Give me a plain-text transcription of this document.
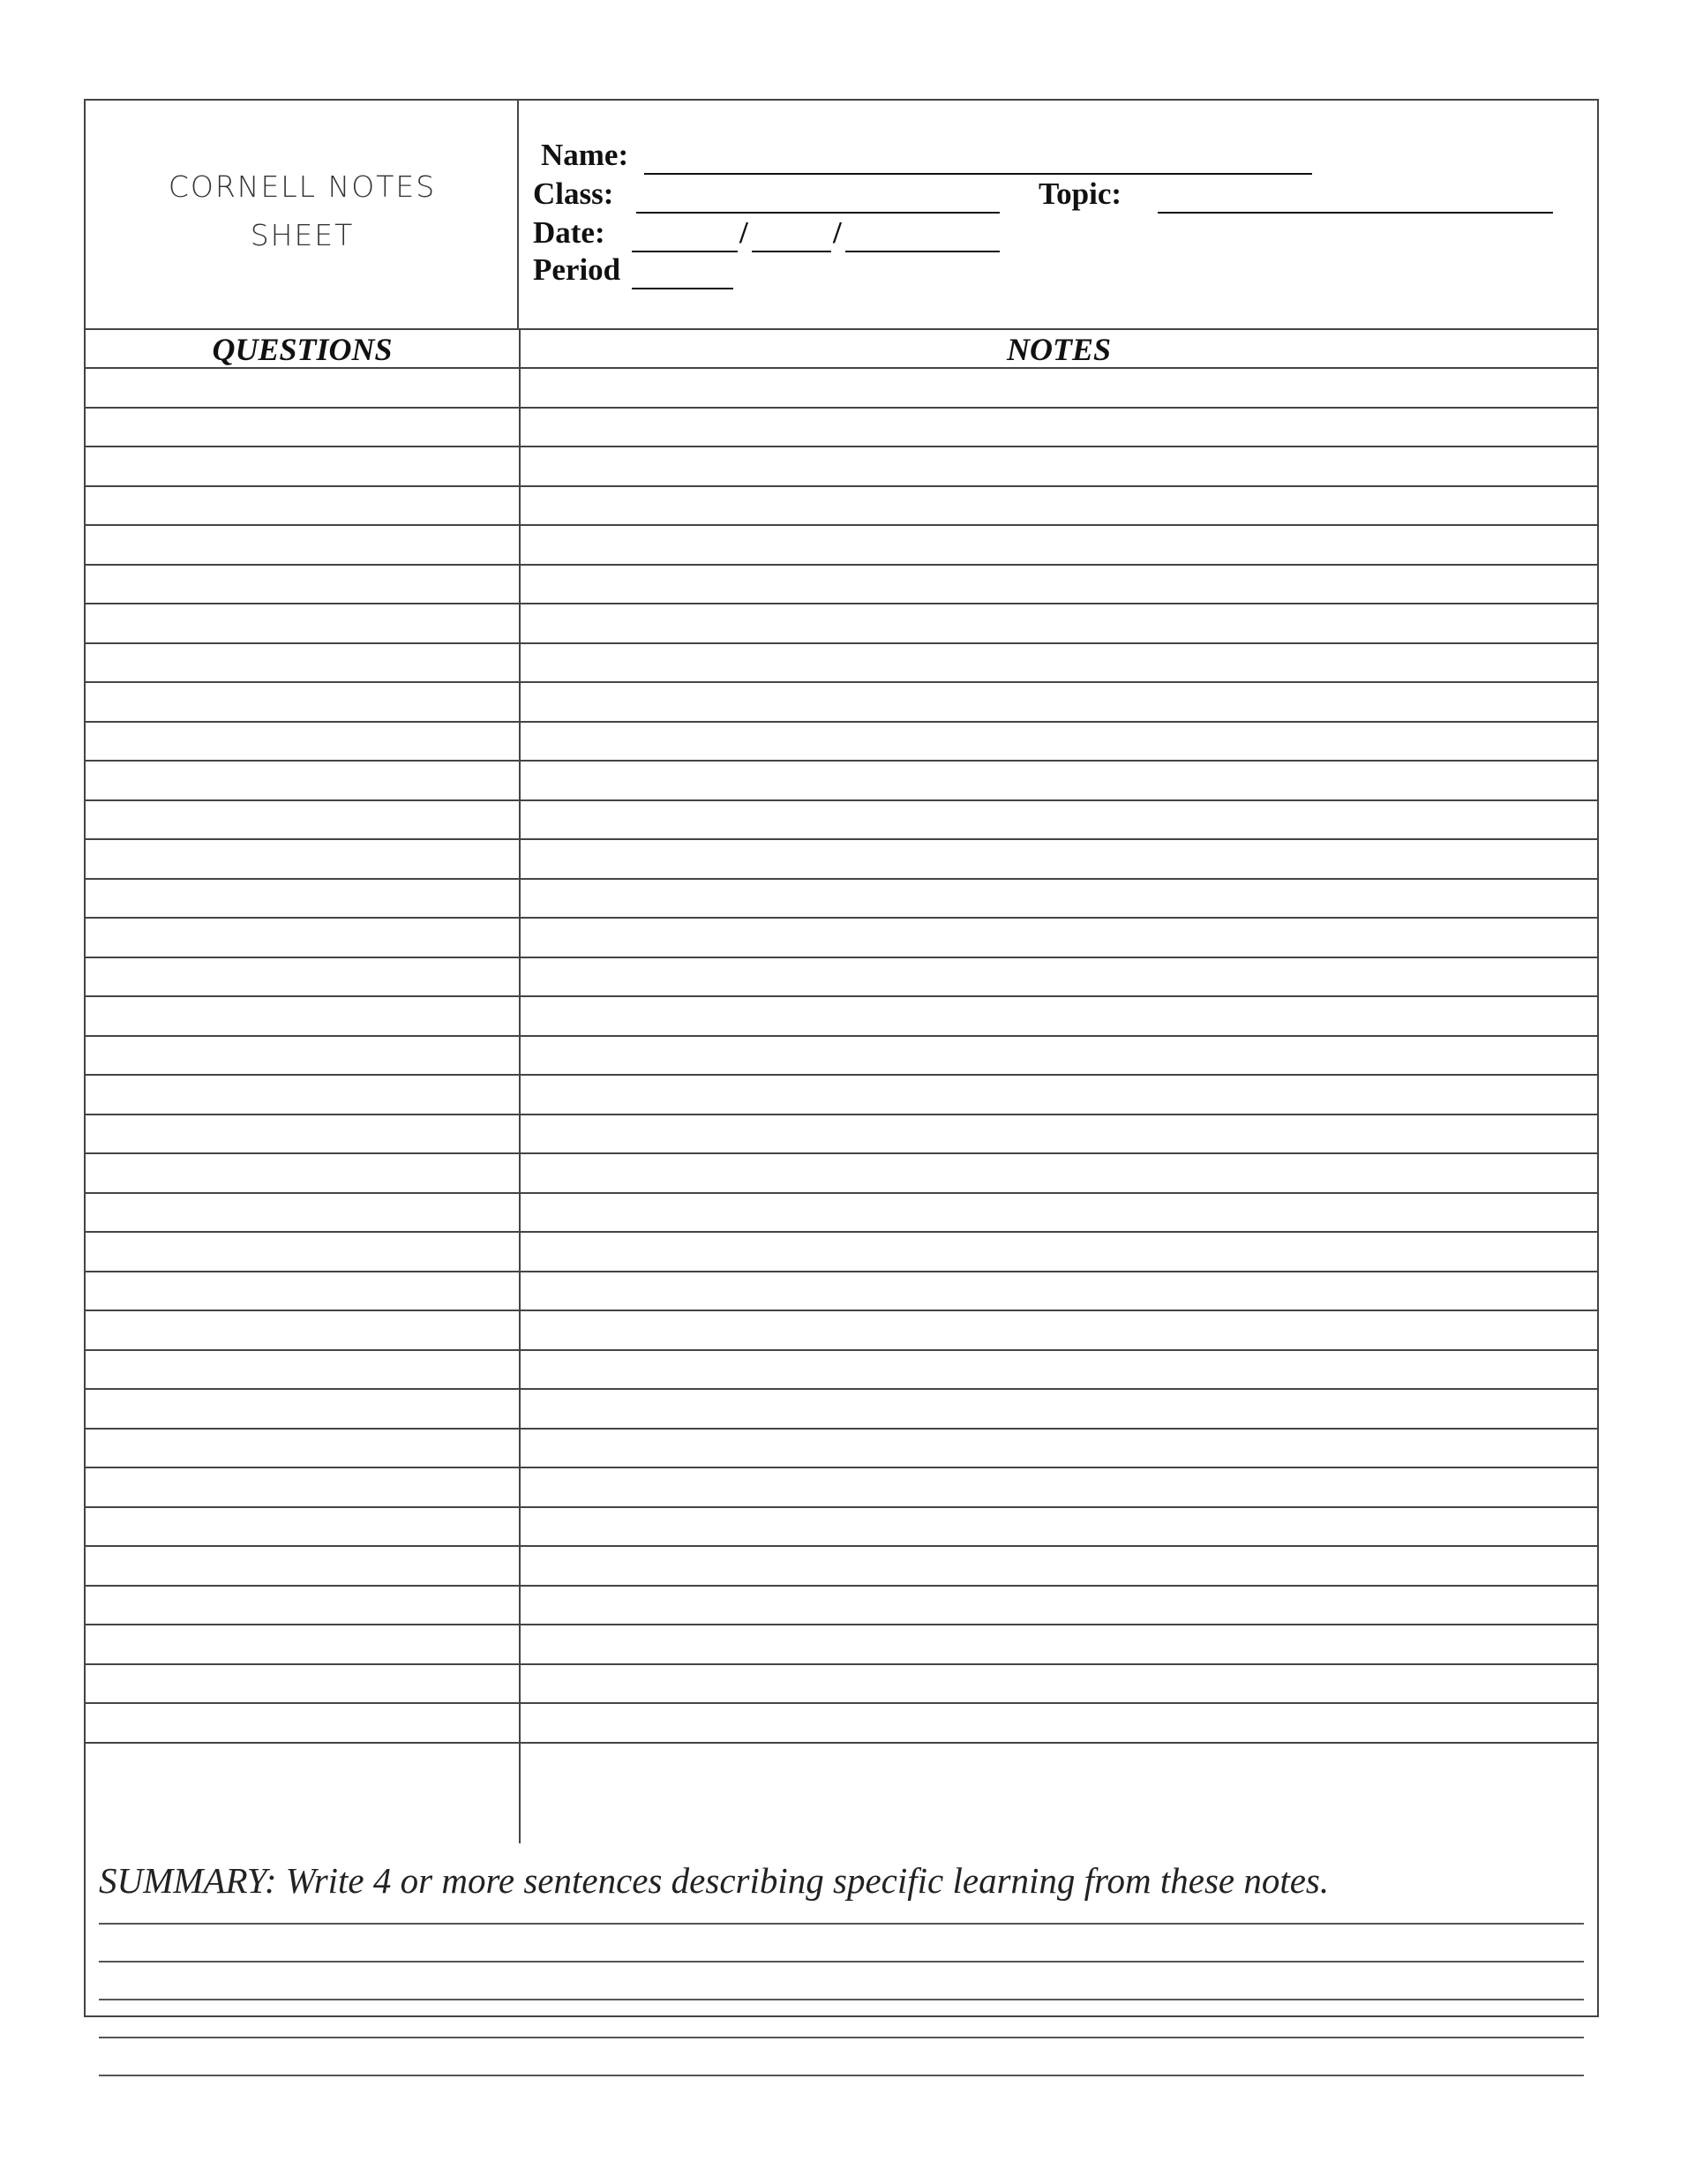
CORNELL NOTES
SHEET
Name:
Class:	Topic:
Date:	/	/
Period
QUESTIONS	NOTES
SUMMARY: Write 4 or more sentences describing specific learning from these notes.
